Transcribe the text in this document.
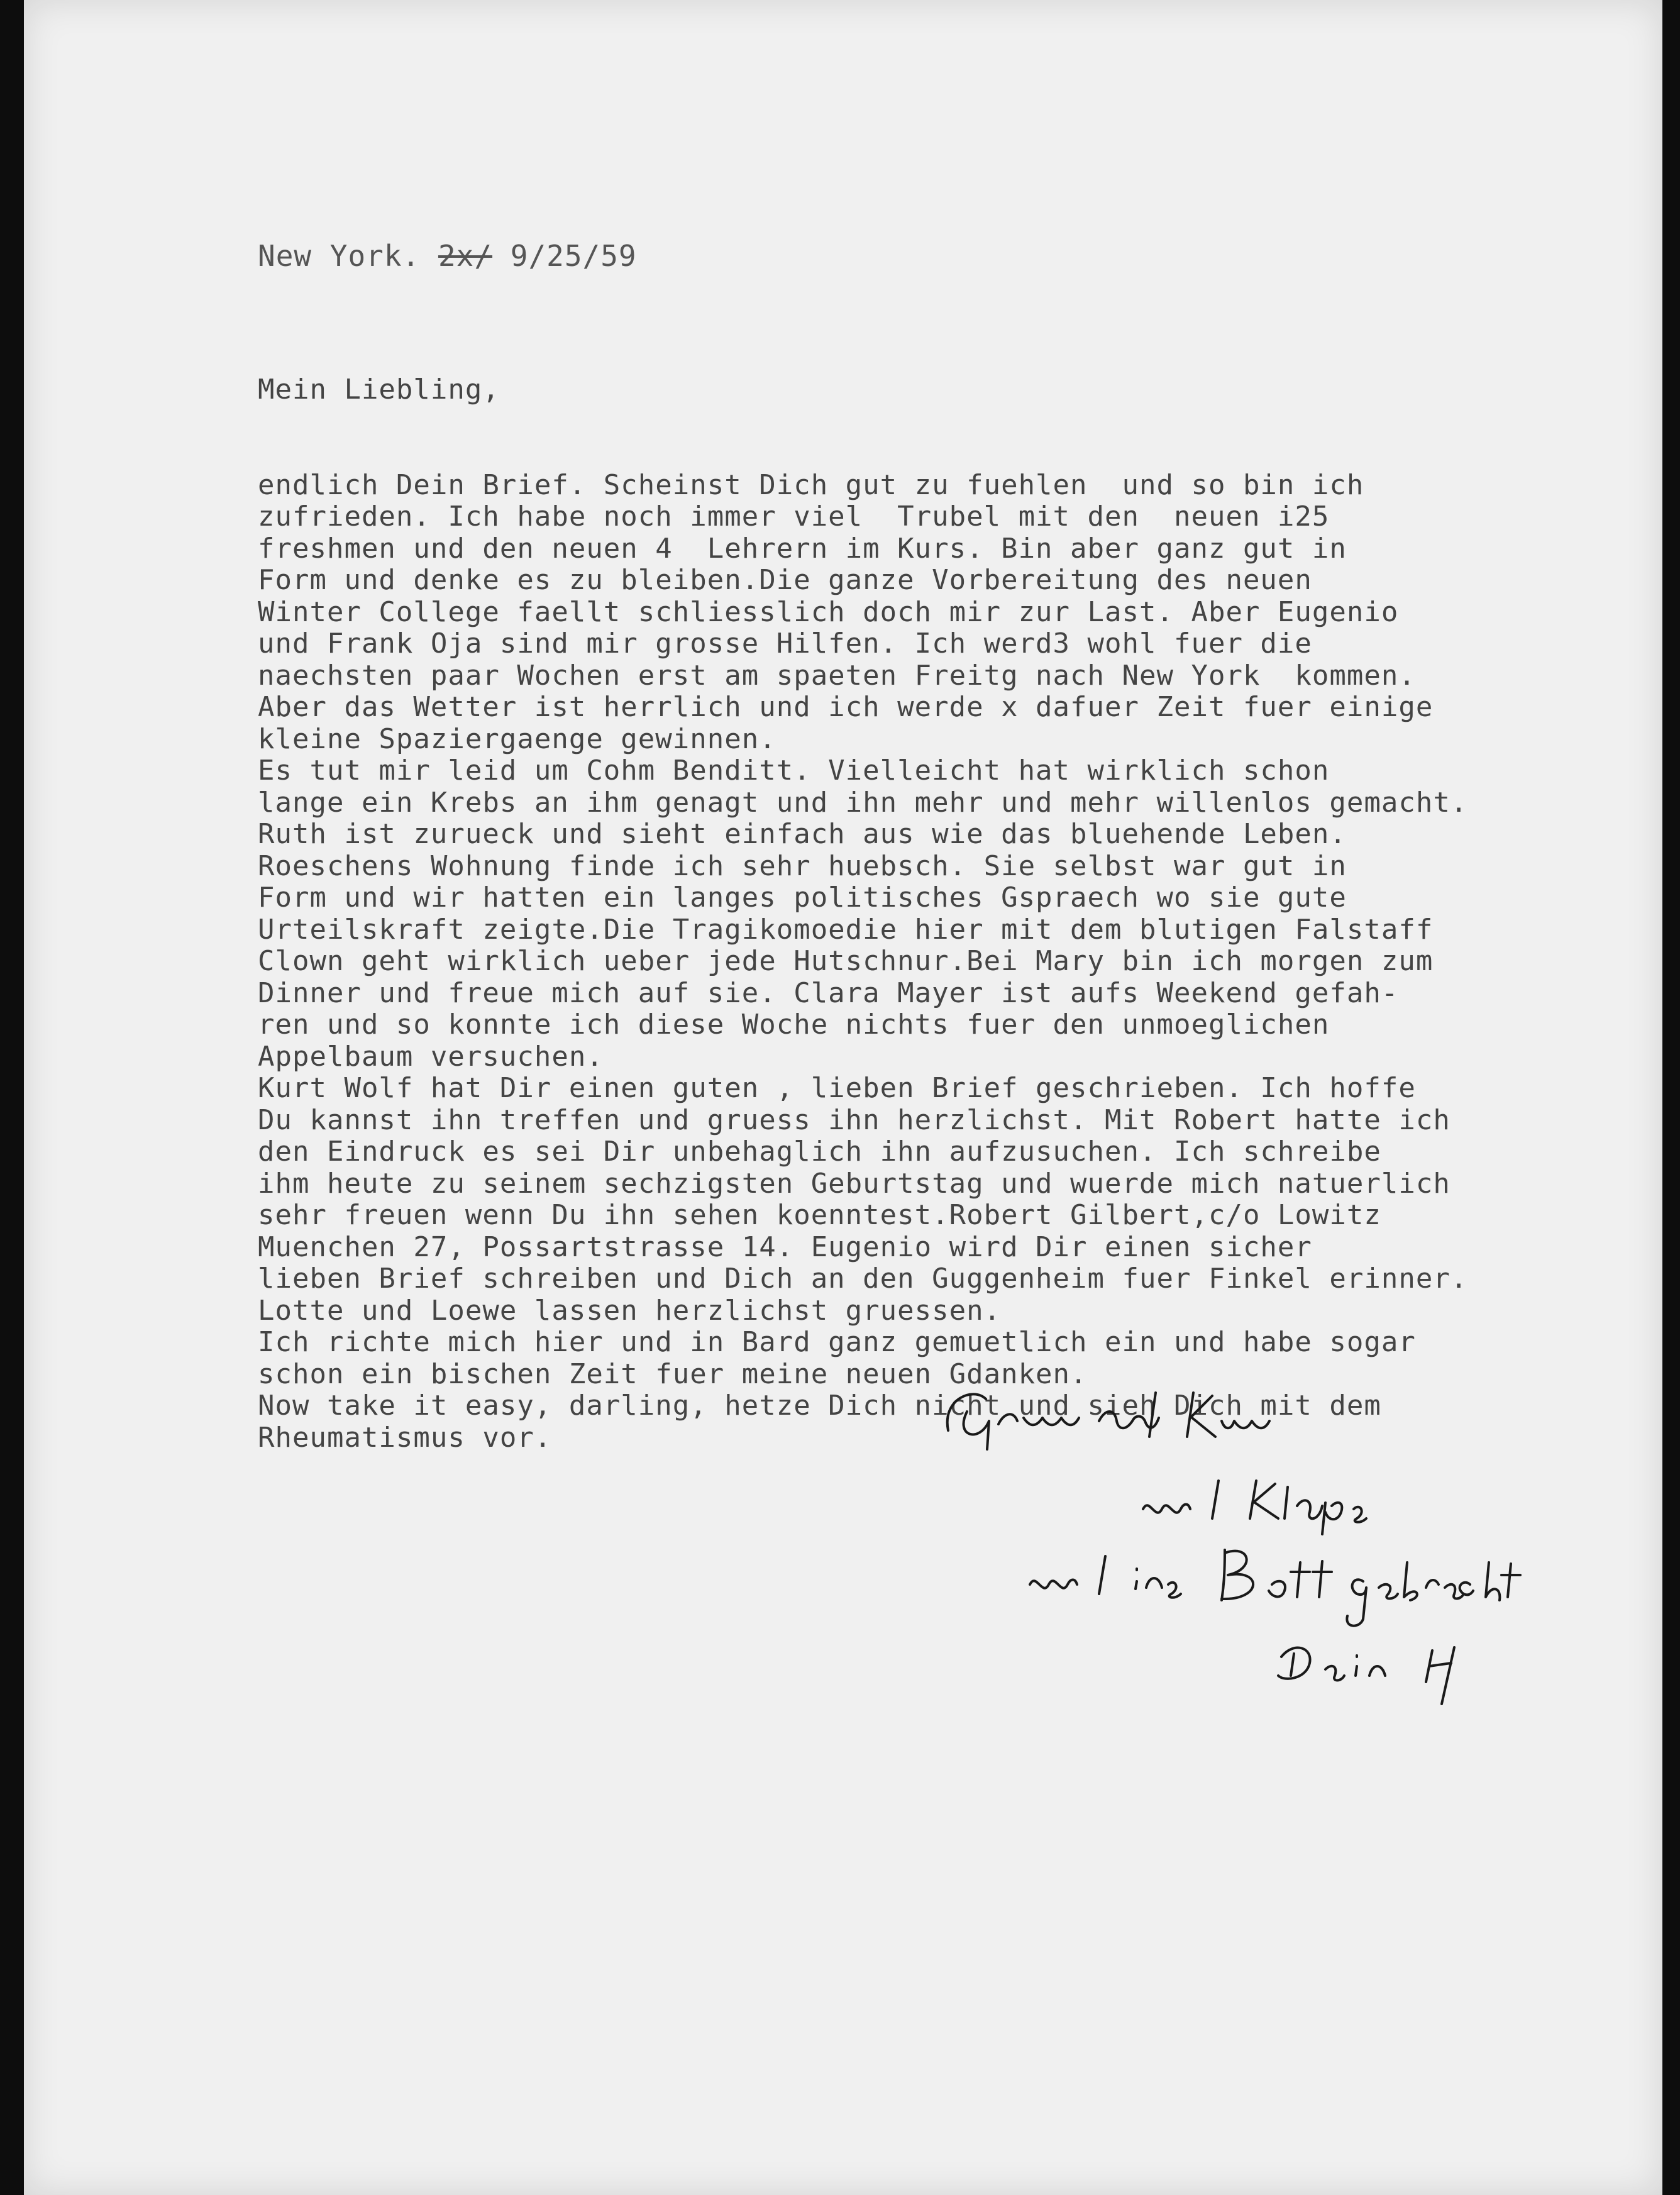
New York. 2x/ 9/25/59

Mein Liebling,

endlich Dein Brief. Scheinst Dich gut zu fuehlen  und so bin ich
zufrieden. Ich habe noch immer viel  Trubel mit den  neuen i25
freshmen und den neuen 4  Lehrern im Kurs. Bin aber ganz gut in
Form und denke es zu bleiben.Die ganze Vorbereitung des neuen
Winter College faellt schliesslich doch mir zur Last. Aber Eugenio
und Frank Oja sind mir grosse Hilfen. Ich werd3 wohl fuer die
naechsten paar Wochen erst am spaeten Freitg nach New York  kommen.
Aber das Wetter ist herrlich und ich werde x dafuer Zeit fuer einige
kleine Spaziergaenge gewinnen.
Es tut mir leid um Cohm Benditt. Vielleicht hat wirklich schon
lange ein Krebs an ihm genagt und ihn mehr und mehr willenlos gemacht.
Ruth ist zurueck und sieht einfach aus wie das bluehende Leben.
Roeschens Wohnung finde ich sehr huebsch. Sie selbst war gut in
Form und wir hatten ein langes politisches Gspraech wo sie gute
Urteilskraft zeigte.Die Tragikomoedie hier mit dem blutigen Falstaff
Clown geht wirklich ueber jede Hutschnur.Bei Mary bin ich morgen zum
Dinner und freue mich auf sie. Clara Mayer ist aufs Weekend gefah-
ren und so konnte ich diese Woche nichts fuer den unmoeglichen
Appelbaum versuchen.
Kurt Wolf hat Dir einen guten , lieben Brief geschrieben. Ich hoffe
Du kannst ihn treffen und gruess ihn herzlichst. Mit Robert hatte ich
den Eindruck es sei Dir unbehaglich ihn aufzusuchen. Ich schreibe
ihm heute zu seinem sechzigsten Geburtstag und wuerde mich natuerlich
sehr freuen wenn Du ihn sehen koenntest.Robert Gilbert,c/o Lowitz
Muenchen 27, Possartstrasse 14. Eugenio wird Dir einen sicher
lieben Brief schreiben und Dich an den Guggenheim fuer Finkel erinner.
Lotte und Loewe lassen herzlichst gruessen.
Ich richte mich hier und in Bard ganz gemuetlich ein und habe sogar
schon ein bischen Zeit fuer meine neuen Gdanken.
Now take it easy, darling, hetze Dich nicht und sieh Dich mit dem
Rheumatismus vor.
